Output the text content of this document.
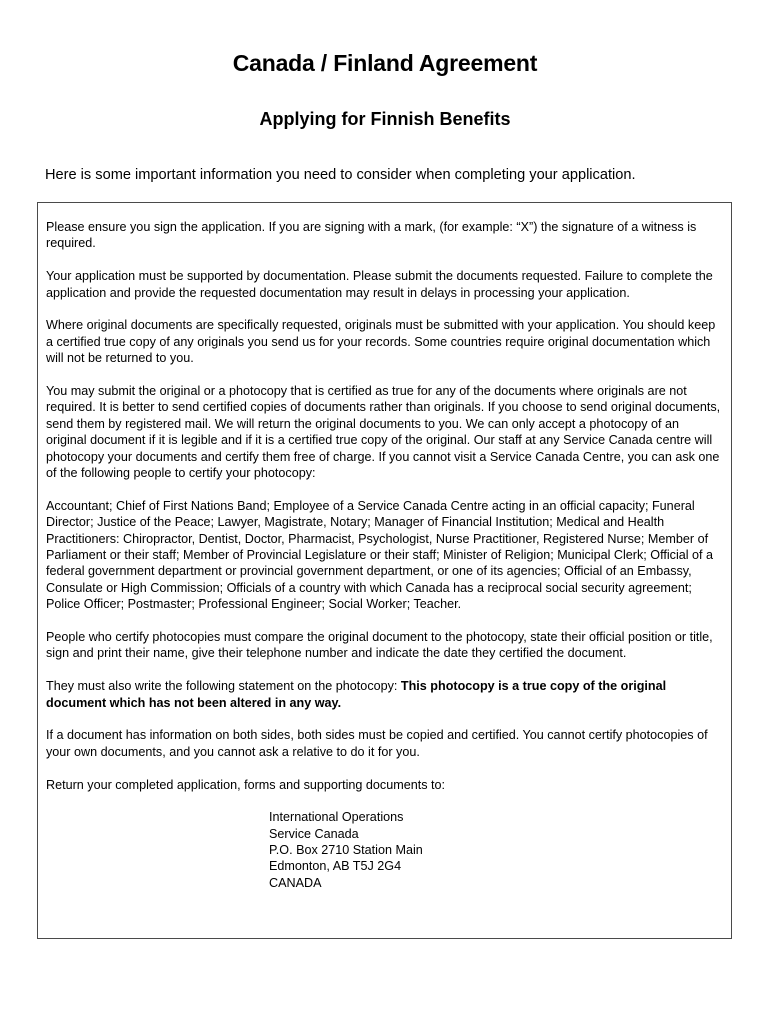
Canada / Finland Agreement
Applying for Finnish Benefits

Here is some important information you need to consider when completing your application.

Please ensure you sign the application. If you are signing with a mark, (for example: “X”) the signature of a witness is required.

Your application must be supported by documentation. Please submit the documents requested. Failure to complete the application and provide the requested documentation may result in delays in processing your application.

Where original documents are specifically requested, originals must be submitted with your application. You should keep a certified true copy of any originals you send us for your records. Some countries require original documentation which will not be returned to you.

You may submit the original or a photocopy that is certified as true for any of the documents where originals are not required. It is better to send certified copies of documents rather than originals. If you choose to send original documents, send them by registered mail. We will return the original documents to you. We can only accept a photocopy of an original document if it is legible and if it is a certified true copy of the original. Our staff at any Service Canada centre will photocopy your documents and certify them free of charge. If you cannot visit a Service Canada Centre, you can ask one of the following people to certify your photocopy:

Accountant; Chief of First Nations Band; Employee of a Service Canada Centre acting in an official capacity; Funeral Director; Justice of the Peace; Lawyer, Magistrate, Notary; Manager of Financial Institution; Medical and Health Practitioners: Chiropractor, Dentist, Doctor, Pharmacist, Psychologist, Nurse Practitioner, Registered Nurse; Member of Parliament or their staff; Member of Provincial Legislature or their staff; Minister of Religion; Municipal Clerk; Official of a federal government department or provincial government department, or one of its agencies; Official of an Embassy, Consulate or High Commission; Officials of a country with which Canada has a reciprocal social security agreement; Police Officer; Postmaster; Professional Engineer; Social Worker; Teacher.

People who certify photocopies must compare the original document to the photocopy, state their official position or title, sign and print their name, give their telephone number and indicate the date they certified the document.

They must also write the following statement on the photocopy: This photocopy is a true copy of the original document which has not been altered in any way.

If a document has information on both sides, both sides must be copied and certified. You cannot certify photocopies of your own documents, and you cannot ask a relative to do it for you.

Return your completed application, forms and supporting documents to:

International Operations
Service Canada
P.O. Box 2710 Station Main
Edmonton, AB T5J 2G4
CANADA
